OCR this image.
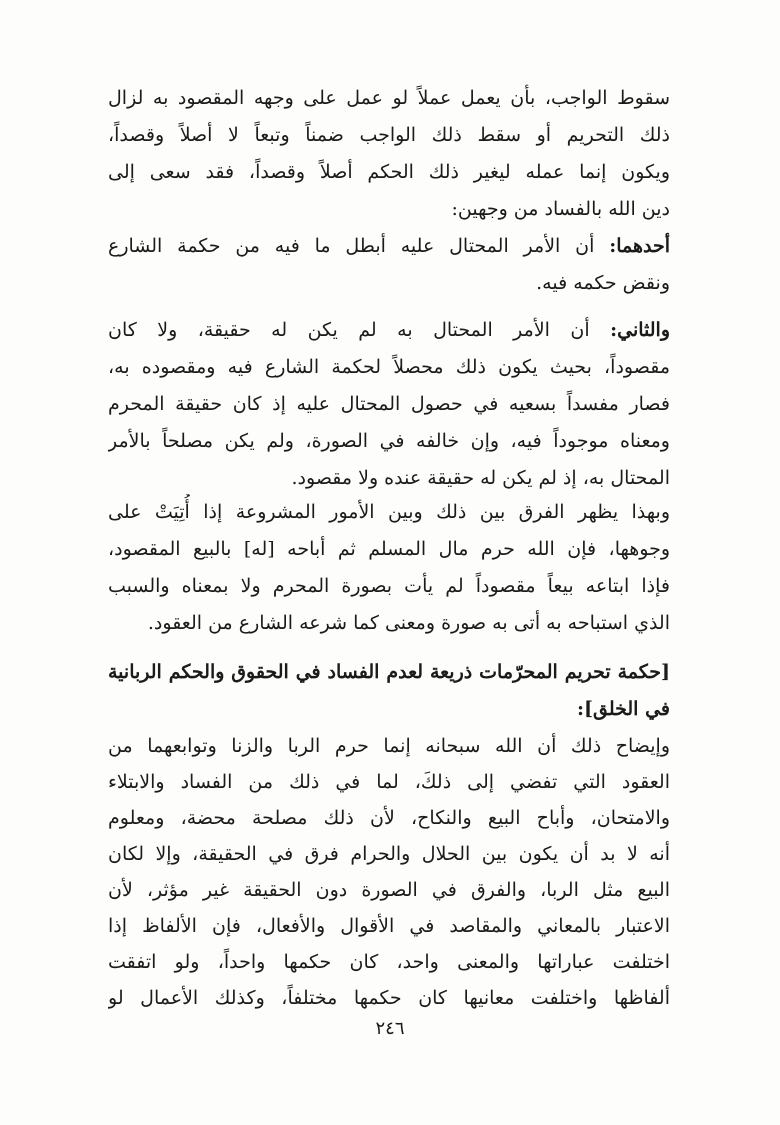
سقوط الواجب، بأن يعمل عملاً لو عمل على وجهه المقصود به لزال
ذلك التحريم أو سقط ذلك الواجب ضمناً وتبعاً لا أصلاً وقصداً،
ويكون إنما عمله ليغير ذلك الحكم أصلاً وقصداً، فقد سعى إلى
دين الله بالفساد من وجهين:
أحدهما: أن الأمر المحتال عليه أبطل ما فيه من حكمة الشارع
ونقض حكمه فيه.
والثاني: أن الأمر المحتال به لم يكن له حقيقة، ولا كان
مقصوداً، بحيث يكون ذلك محصلاً لحكمة الشارع فيه ومقصوده به،
فصار مفسداً بسعيه في حصول المحتال عليه إذ كان حقيقة المحرم
ومعناه موجوداً فيه، وإن خالفه في الصورة، ولم يكن مصلحاً بالأمر
المحتال به، إذ لم يكن له حقيقة عنده ولا مقصود.
وبهذا يظهر الفرق بين ذلك وبين الأمور المشروعة إذا أُتِيَتْ على
وجوهها، فإن الله حرم مال المسلم ثم أباحه [له] بالبيع المقصود،
فإذا ابتاعه بيعاً مقصوداً لم يأت بصورة المحرم ولا بمعناه والسبب
الذي استباحه به أتى به صورة ومعنى كما شرعه الشارع من العقود.
[حكمة تحريم المحرّمات ذريعة لعدم الفساد في الحقوق والحكم الربانية
في الخلق]:
وإيضاح ذلك أن الله سبحانه إنما حرم الربا والزنا وتوابعهما من
العقود التي تفضي إلى ذلكَ، لما في ذلك من الفساد والابتلاء
والامتحان، وأباح البيع والنكاح، لأن ذلك مصلحة محضة، ومعلوم
أنه لا بد أن يكون بين الحلال والحرام فرق في الحقيقة، وإلا لكان
البيع مثل الربا، والفرق في الصورة دون الحقيقة غير مؤثر، لأن
الاعتبار بالمعاني والمقاصد في الأقوال والأفعال، فإن الألفاظ إذا
اختلفت عباراتها والمعنى واحد، كان حكمها واحداً، ولو اتفقت
ألفاظها واختلفت معانيها كان حكمها مختلفاً، وكذلك الأعمال لو
٢٤٦
